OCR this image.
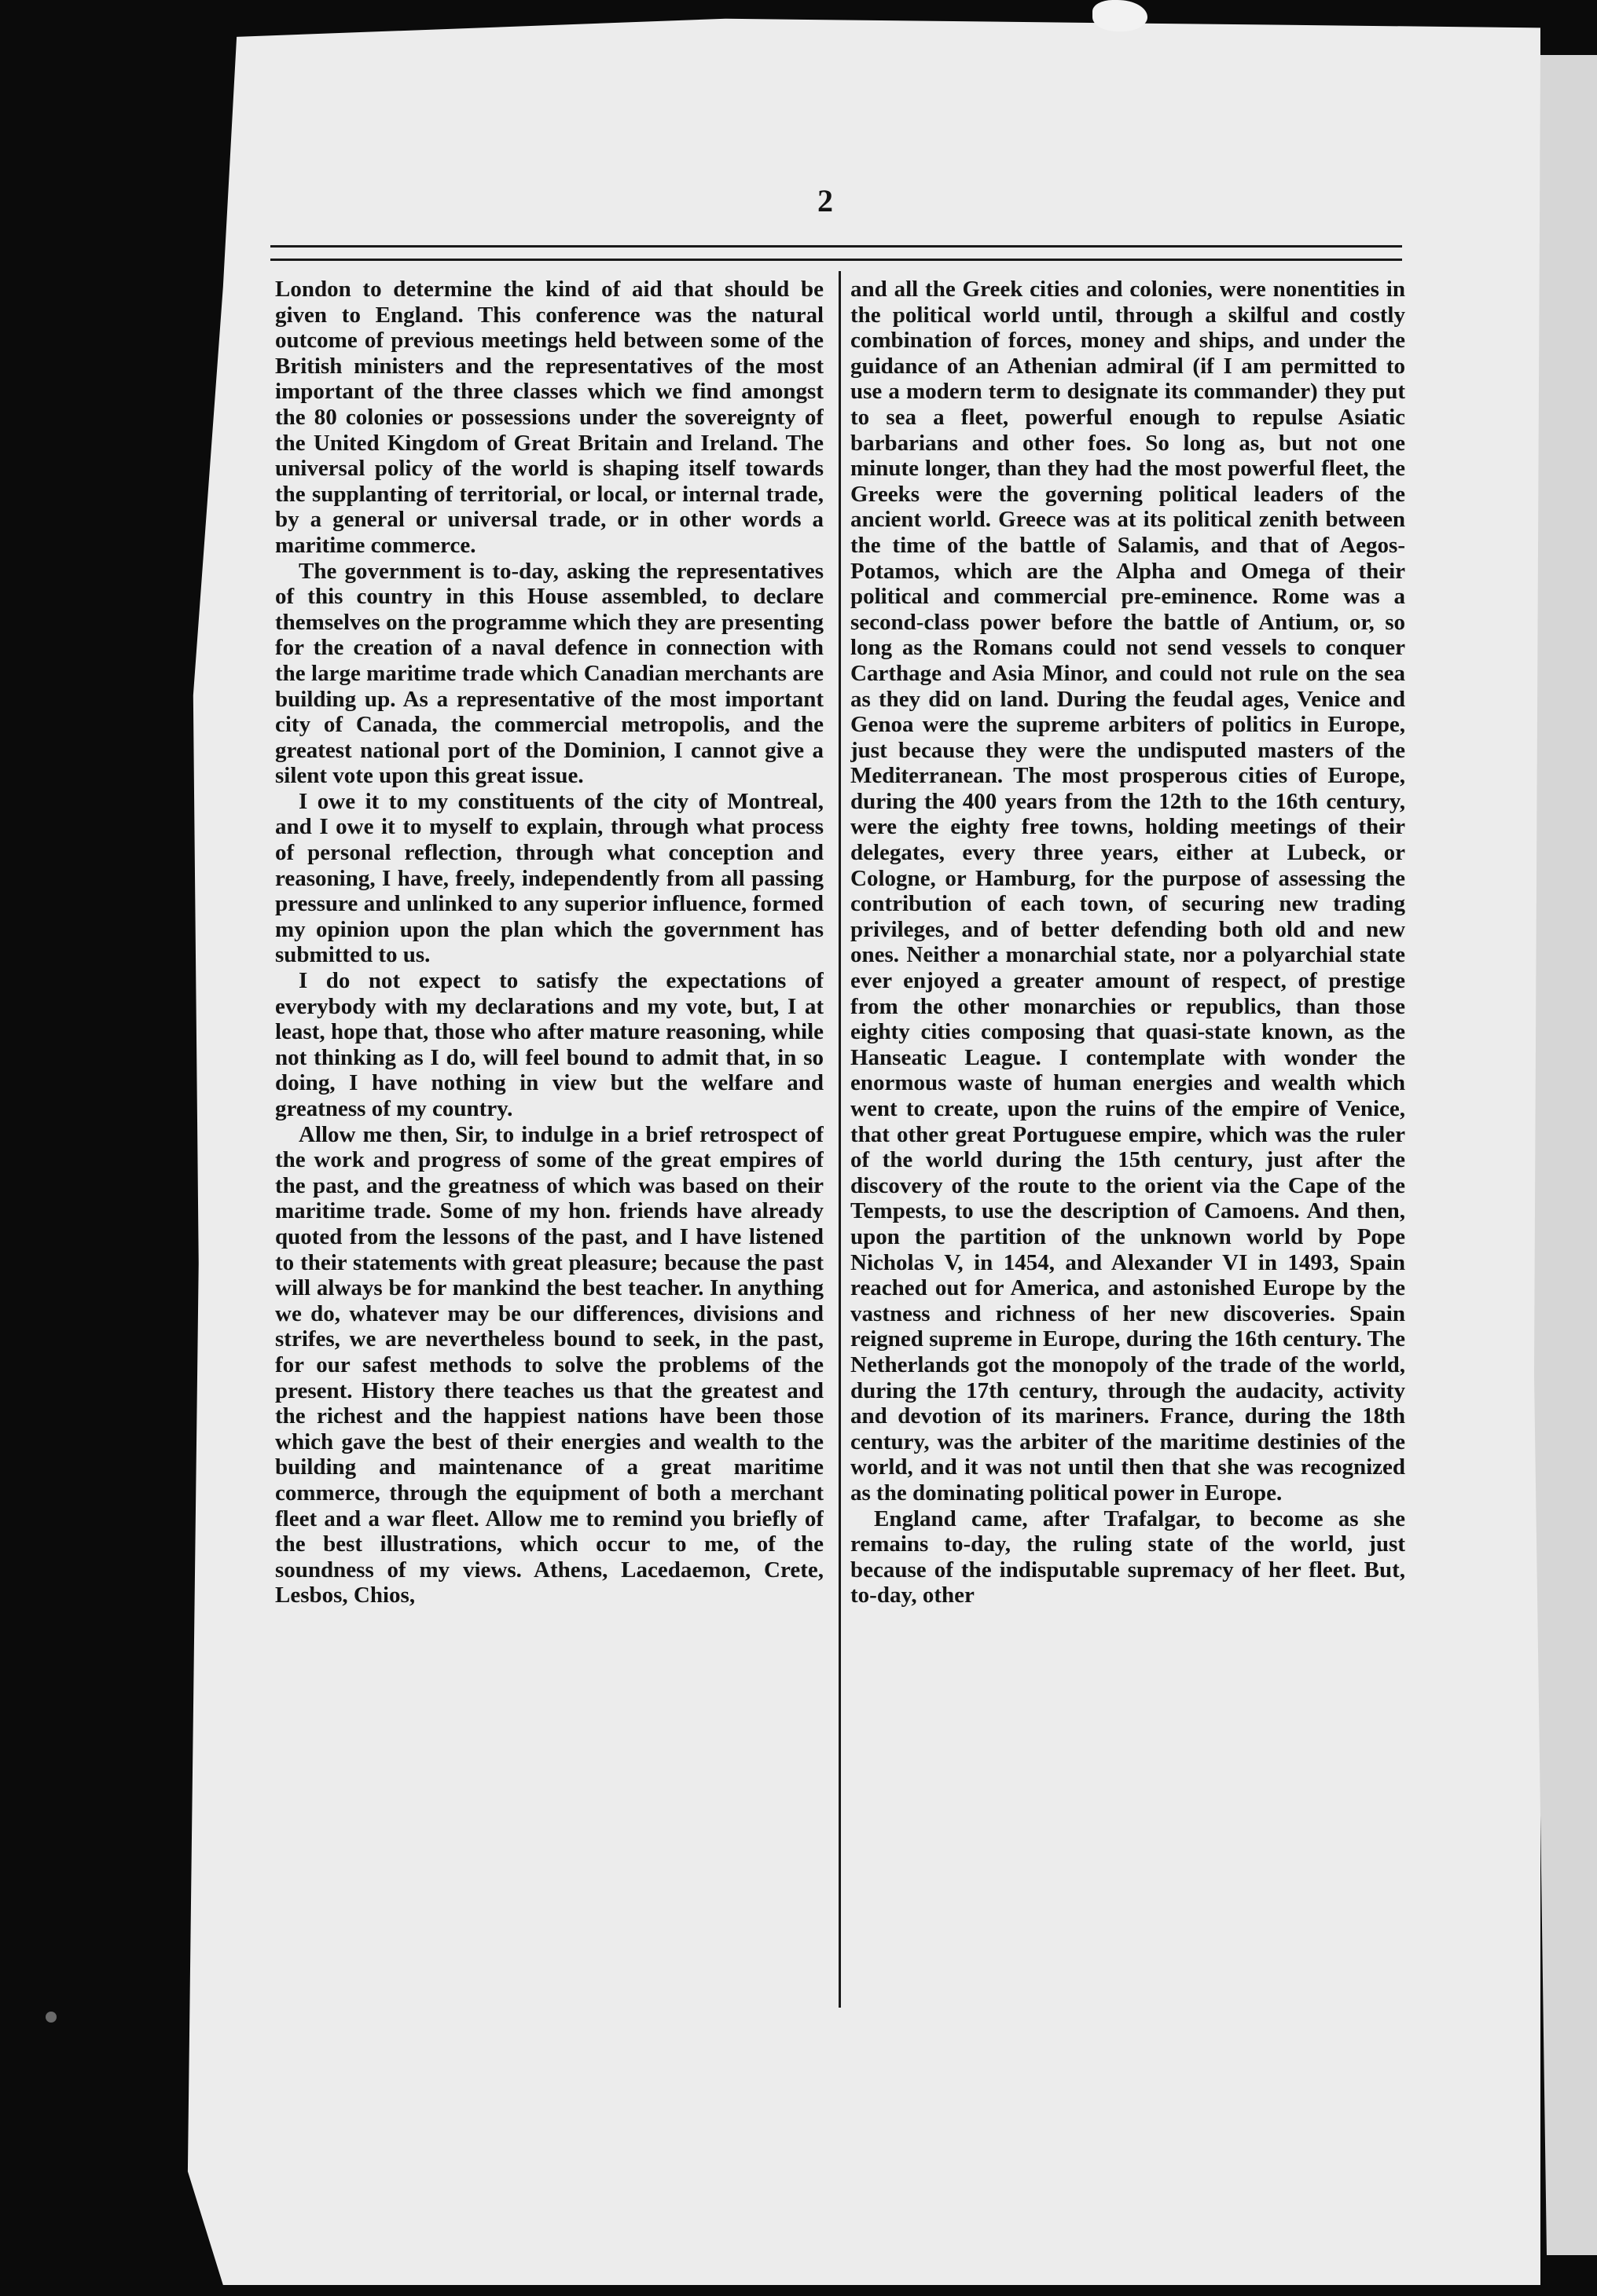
2

London to determine the kind of aid that should be given to England. This conference was the natural outcome of previous meetings held between some of the British ministers and the representatives of the most important of the three classes which we find amongst the 80 colonies or possessions under the sovereignty of the United Kingdom of Great Britain and Ireland. The universal policy of the world is shaping itself towards the supplanting of territorial, or local, or internal trade, by a general or universal trade, or in other words a maritime commerce.

The government is to-day, asking the representatives of this country in this House assembled, to declare themselves on the programme which they are presenting for the creation of a naval defence in connection with the large maritime trade which Canadian merchants are building up. As a representative of the most important city of Canada, the commercial metropolis, and the greatest national port of the Dominion, I cannot give a silent vote upon this great issue.

I owe it to my constituents of the city of Montreal, and I owe it to myself to explain, through what process of personal reflection, through what conception and reasoning, I have, freely, independently from all passing pressure and unlinked to any superior influence, formed my opinion upon the plan which the government has submitted to us.

I do not expect to satisfy the expectations of everybody with my declarations and my vote, but, I at least, hope that, those who after mature reasoning, while not thinking as I do, will feel bound to admit that, in so doing, I have nothing in view but the welfare and greatness of my country.

Allow me then, Sir, to indulge in a brief retrospect of the work and progress of some of the great empires of the past, and the greatness of which was based on their maritime trade. Some of my hon. friends have already quoted from the lessons of the past, and I have listened to their statements with great pleasure; because the past will always be for mankind the best teacher. In anything we do, whatever may be our differences, divisions and strifes, we are nevertheless bound to seek, in the past, for our safest methods to solve the problems of the present. History there teaches us that the greatest and the richest and the happiest nations have been those which gave the best of their energies and wealth to the building and maintenance of a great maritime commerce, through the equipment of both a merchant fleet and a war fleet. Allow me to remind you briefly of the best illustrations, which occur to me, of the soundness of my views. Athens, Lacedaemon, Crete, Lesbos, Chios,

and all the Greek cities and colonies, were nonentities in the political world until, through a skilful and costly combination of forces, money and ships, and under the guidance of an Athenian admiral (if I am permitted to use a modern term to designate its commander) they put to sea a fleet, powerful enough to repulse Asiatic barbarians and other foes. So long as, but not one minute longer, than they had the most powerful fleet, the Greeks were the governing political leaders of the ancient world. Greece was at its political zenith between the time of the battle of Salamis, and that of Aegos-Potamos, which are the Alpha and Omega of their political and commercial pre-eminence. Rome was a second-class power before the battle of Antium, or, so long as the Romans could not send vessels to conquer Carthage and Asia Minor, and could not rule on the sea as they did on land. During the feudal ages, Venice and Genoa were the supreme arbiters of politics in Europe, just because they were the undisputed masters of the Mediterranean. The most prosperous cities of Europe, during the 400 years from the 12th to the 16th century, were the eighty free towns, holding meetings of their delegates, every three years, either at Lubeck, or Cologne, or Hamburg, for the purpose of assessing the contribution of each town, of securing new trading privileges, and of better defending both old and new ones. Neither a monarchial state, nor a polyarchial state ever enjoyed a greater amount of respect, of prestige from the other monarchies or republics, than those eighty cities composing that quasi-state known, as the Hanseatic League. I contemplate with wonder the enormous waste of human energies and wealth which went to create, upon the ruins of the empire of Venice, that other great Portuguese empire, which was the ruler of the world during the 15th century, just after the discovery of the route to the orient via the Cape of the Tempests, to use the description of Camoens. And then, upon the partition of the unknown world by Pope Nicholas V, in 1454, and Alexander VI in 1493, Spain reached out for America, and astonished Europe by the vastness and richness of her new discoveries. Spain reigned supreme in Europe, during the 16th century. The Netherlands got the monopoly of the trade of the world, during the 17th century, through the audacity, activity and devotion of its mariners. France, during the 18th century, was the arbiter of the maritime destinies of the world, and it was not until then that she was recognized as the dominating political power in Europe.

England came, after Trafalgar, to become as she remains to-day, the ruling state of the world, just because of the indisputable supremacy of her fleet. But, to-day, other
